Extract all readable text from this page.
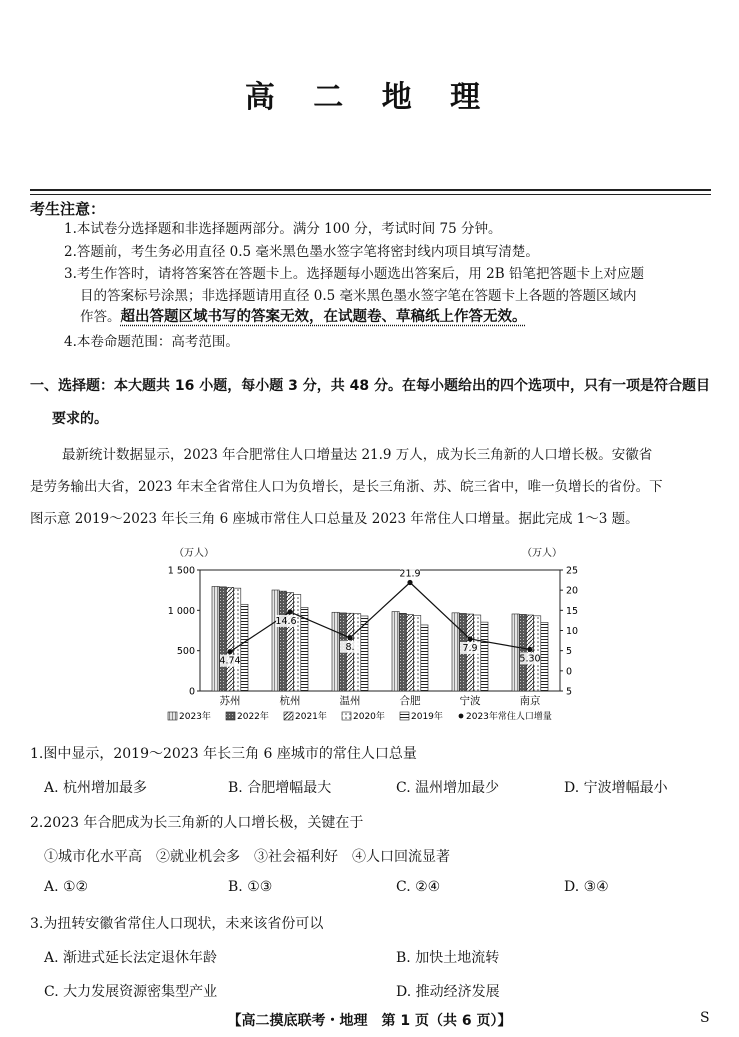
高 二 地 理
考生注意：
1.本试卷分选择题和非选择题两部分。满分 100 分，考试时间 75 分钟。
2.答题前，考生务必用直径 0.5 毫米黑色墨水签字笔将密封线内项目填写清楚。
3.考生作答时，请将答案答在答题卡上。选择题每小题选出答案后，用 2B 铅笔把答题卡上对应题
目的答案标号涂黑；非选择题请用直径 0.5 毫米黑色墨水签字笔在答题卡上各题的答题区域内
作答。超出答题区域书写的答案无效，在试题卷、草稿纸上作答无效。
4.本卷命题范围：高考范围。
一、选择题：本大题共 16 小题，每小题 3 分，共 48 分。在每小题给出的四个选项中，只有一项是符合题目
要求的。
最新统计数据显示，2023 年合肥常住人口增量达 21.9 万人，成为长三角新的人口增长极。安徽省
是劳务输出大省，2023 年末全省常住人口为负增长，是长三角浙、苏、皖三省中，唯一负增长的省份。下
图示意 2019～2023 年长三角 6 座城市常住人口总量及 2023 年常住人口增量。据此完成 1～3 题。
（万人）	（万人）
1 500
1 000
500
0
25
20
15
10
5
0
5
4.74
14.6
8.
21.9
7.9
5.30
苏州	杭州	温州	合肥	宁波	南京
2023年	2022年	2021年	2020年	2019年	2023年常住人口增量
1.图中显示，2019～2023 年长三角 6 座城市的常住人口总量
A. 杭州增加最多	B. 合肥增幅最大	C. 温州增加最少	D. 宁波增幅最小
2.2023 年合肥成为长三角新的人口增长极，关键在于
①城市化水平高　②就业机会多　③社会福利好　④人口回流显著
A. ①②	B. ①③	C. ②④	D. ③④
3.为扭转安徽省常住人口现状，未来该省份可以
A. 渐进式延长法定退休年龄	B. 加快土地流转
C. 大力发展资源密集型产业	D. 推动经济发展
【高二摸底联考・地理　第 1 页（共 6 页）】	S
